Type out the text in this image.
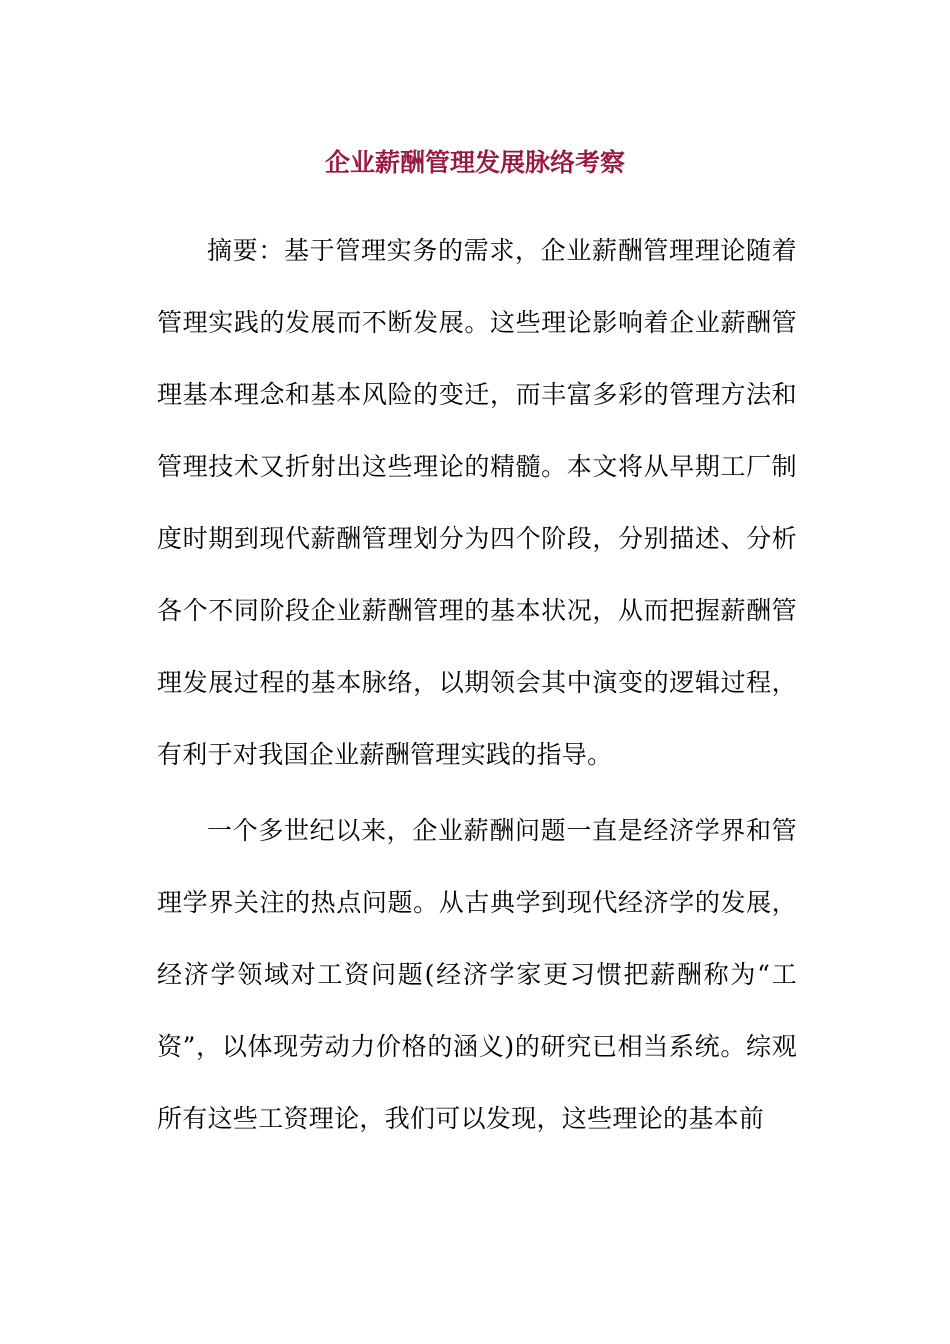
企业薪酬管理发展脉络考察

摘要：基于管理实务的需求，企业薪酬管理理论随着管理实践的发展而不断发展。这些理论影响着企业薪酬管理基本理念和基本风险的变迁，而丰富多彩的管理方法和管理技术又折射出这些理论的精髓。本文将从早期工厂制度时期到现代薪酬管理划分为四个阶段，分别描述、分析各个不同阶段企业薪酬管理的基本状况，从而把握薪酬管理发展过程的基本脉络，以期领会其中演变的逻辑过程，有利于对我国企业薪酬管理实践的指导。

一个多世纪以来，企业薪酬问题一直是经济学界和管理学界关注的热点问题。从古典学到现代经济学的发展，经济学领域对工资问题(经济学家更习惯把薪酬称为“工资”，以体现劳动力价格的涵义)的研究已相当系统。综观所有这些工资理论，我们可以发现，这些理论的基本前
